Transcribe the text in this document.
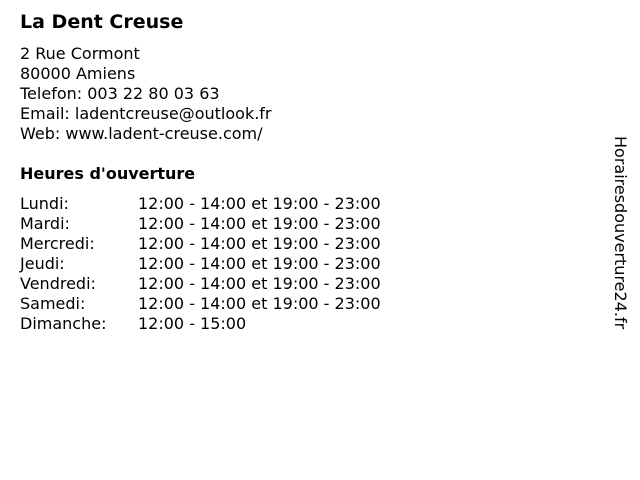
La Dent Creuse
2 Rue Cormont
80000 Amiens
Telefon: 003 22 80 03 63
Email: ladentcreuse@outlook.fr
Web: www.ladent-creuse.com/
Heures d'ouverture
Lundi:	12:00 - 14:00 et 19:00 - 23:00
Mardi:	12:00 - 14:00 et 19:00 - 23:00
Mercredi:	12:00 - 14:00 et 19:00 - 23:00
Jeudi:	12:00 - 14:00 et 19:00 - 23:00
Vendredi:	12:00 - 14:00 et 19:00 - 23:00
Samedi:	12:00 - 14:00 et 19:00 - 23:00
Dimanche:	12:00 - 15:00	Horairesdouverture24.fr
